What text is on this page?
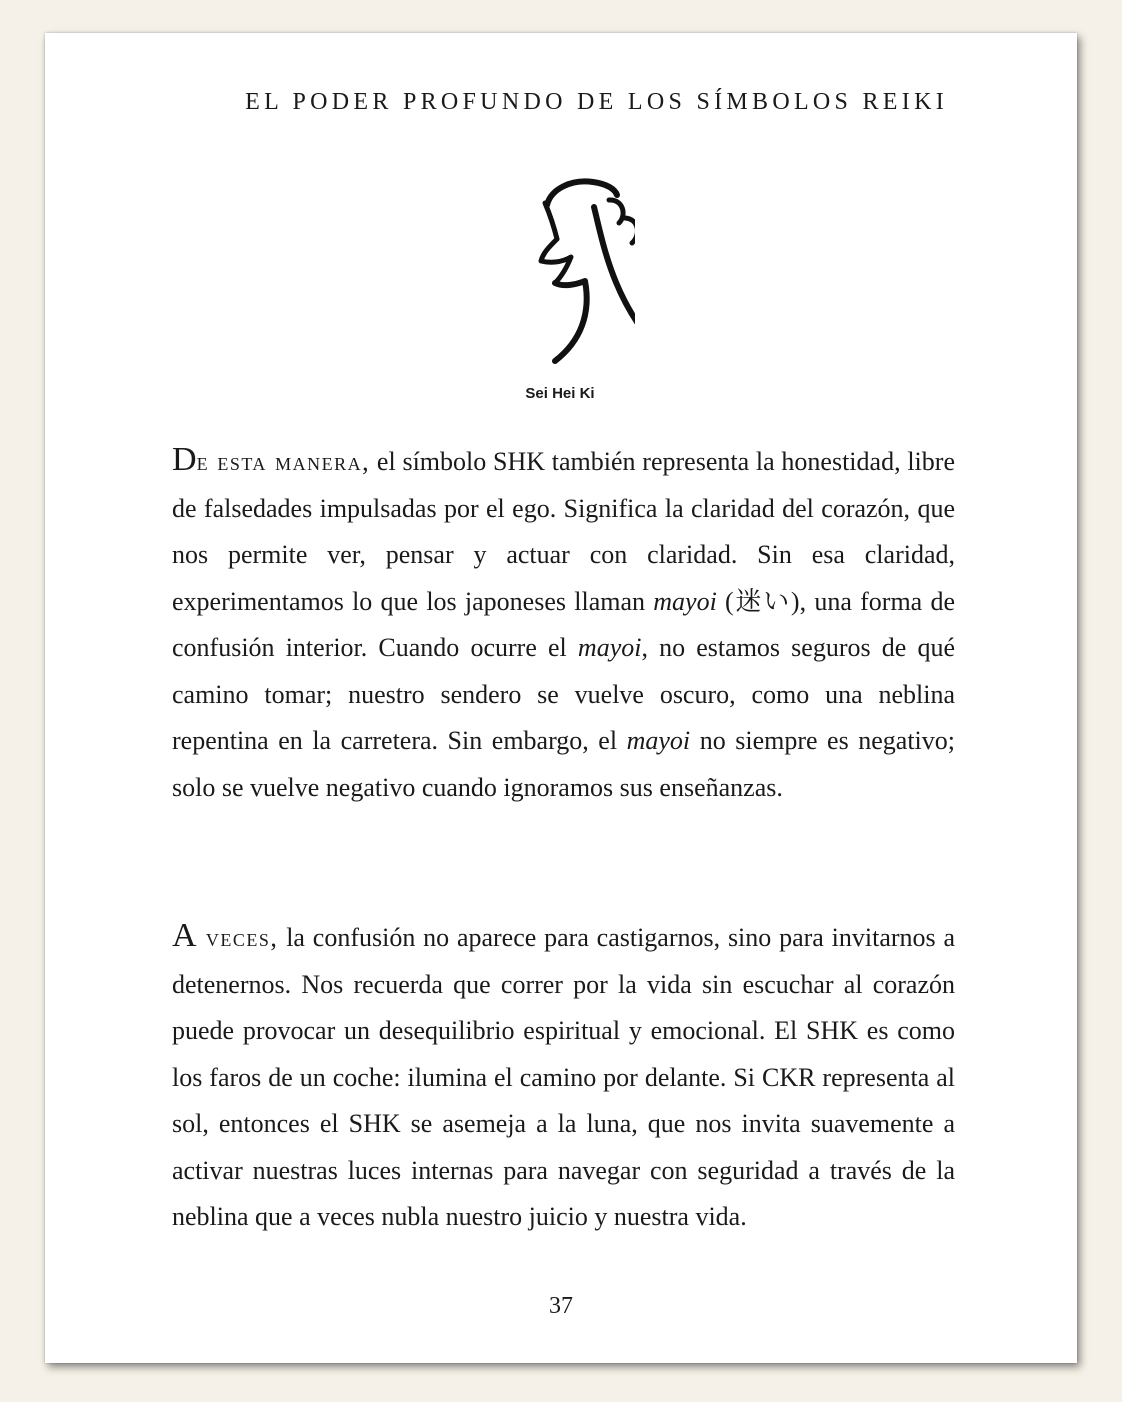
EL PODER PROFUNDO DE LOS SÍMBOLOS REIKI
Sei Hei Ki

De esta manera, el símbolo SHK también representa la honestidad, libre de falsedades impulsadas por el ego. Significa la claridad del corazón, que nos permite ver, pensar y actuar con claridad. Sin esa claridad, experimentamos lo que los japoneses llaman mayoi (迷い), una forma de confusión interior. Cuando ocurre el mayoi, no estamos seguros de qué camino tomar; nuestro sendero se vuelve oscuro, como una neblina repentina en la carretera. Sin embargo, el mayoi no siempre es negativo; solo se vuelve negativo cuando ignoramos sus enseñanzas.

A veces, la confusión no aparece para castigarnos, sino para invitarnos a detenernos. Nos recuerda que correr por la vida sin escuchar al corazón puede provocar un desequilibrio espiritual y emocional. El SHK es como los faros de un coche: ilumina el camino por delante. Si CKR representa al sol, entonces el SHK se asemeja a la luna, que nos invita suavemente a activar nuestras luces internas para navegar con seguridad a través de la neblina que a veces nubla nuestro juicio y nuestra vida.

37
